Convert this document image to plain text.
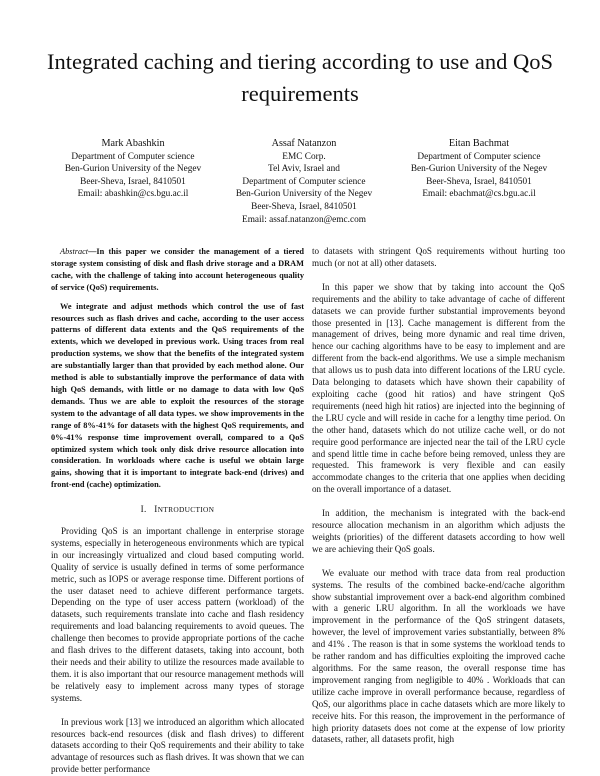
Integrated caching and tiering according to use and QoS requirements
Mark Abashkin
Department of Computer science
Ben-Gurion University of the Negev
Beer-Sheva, Israel, 8410501
Email: abashkin@cs.bgu.ac.il
Assaf Natanzon
EMC Corp.
Tel Aviv, Israel and
Department of Computer science
Ben-Gurion University of the Negev
Beer-Sheva, Israel, 8410501
Email: assaf.natanzon@emc.com
Eitan Bachmat
Department of Computer science
Ben-Gurion University of the Negev
Beer-Sheva, Israel, 8410501
Email: ebachmat@cs.bgu.ac.il

Abstract—In this paper we consider the management of a tiered storage system consisting of disk and flash drive storage and a DRAM cache, with the challenge of taking into account heterogeneous quality of service (QoS) requirements.

We integrate and adjust methods which control the use of fast resources such as flash drives and cache, according to the user access patterns of different data extents and the QoS requirements of the extents, which we developed in previous work. Using traces from real production systems, we show that the benefits of the integrated system are substantially larger than that provided by each method alone. Our method is able to substantially improve the performance of data with high QoS demands, with little or no damage to data with low QoS demands. Thus we are able to exploit the resources of the storage system to the advantage of all data types. we show improvements in the range of 8%-41% for datasets with the highest QoS requirements, and 0%-41% response time improvement overall, compared to a QoS optimized system which took only disk drive resource allocation into consideration. In workloads where cache is useful we obtain large gains, showing that it is important to integrate back-end (drives) and front-end (cache) optimization.

I. INTRODUCTION

Providing QoS is an important challenge in enterprise storage systems, especially in heterogeneous environments which are typical in our increasingly virtualized and cloud based computing world. Quality of service is usually defined in terms of some performance metric, such as IOPS or average response time. Different portions of the user dataset need to achieve different performance targets. Depending on the type of user access pattern (workload) of the datasets, such requirements translate into cache and flash residency requirements and load balancing requirements to avoid queues. The challenge then becomes to provide appropriate portions of the cache and flash drives to the different datasets, taking into account, both their needs and their ability to utilize the resources made available to them. it is also important that our resource management methods will be relatively easy to implement across many types of storage systems.

In previous work [13] we introduced an algorithm which allocated resources back-end resources (disk and flash drives) to different datasets according to their QoS requirements and their ability to take advantage of resources such as flash drives. It was shown that we can provide better performance

to datasets with stringent QoS requirements without hurting too much (or not at all) other datasets.

In this paper we show that by taking into account the QoS requirements and the ability to take advantage of cache of different datasets we can provide further substantial improvements beyond those presented in [13]. Cache management is different from the management of drives, being more dynamic and real time driven, hence our caching algorithms have to be easy to implement and are different from the back-end algorithms. We use a simple mechanism that allows us to push data into different locations of the LRU cycle. Data belonging to datasets which have shown their capability of exploiting cache (good hit ratios) and have stringent QoS requirements (need high hit ratios) are injected into the beginning of the LRU cycle and will reside in cache for a lengthy time period. On the other hand, datasets which do not utilize cache well, or do not require good performance are injected near the tail of the LRU cycle and spend little time in cache before being removed, unless they are requested. This framework is very flexible and can easily accommodate changes to the criteria that one applies when deciding on the overall importance of a dataset.

In addition, the mechanism is integrated with the back-end resource allocation mechanism in an algorithm which adjusts the weights (priorities) of the different datasets according to how well we are achieving their QoS goals.

We evaluate our method with trace data from real production systems. The results of the combined backe-end/cache algorithm show substantial improvement over a back-end algorithm combined with a generic LRU algorithm. In all the workloads we have improvement in the performance of the QoS stringent datasets, however, the level of improvement varies substantially, between 8% and 41% . The reason is that in some systems the workload tends to be rather random and has difficulties exploiting the improved cache algorithms. For the same reason, the overall response time has improvement ranging from negligible to 40% . Workloads that can utilize cache improve in overall performance because, regardless of QoS, our algorithms place in cache datasets which are more likely to receive hits. For this reason, the improvement in the performance of high priority datasets does not come at the expense of low priority datasets, rather, all datasets profit, high
